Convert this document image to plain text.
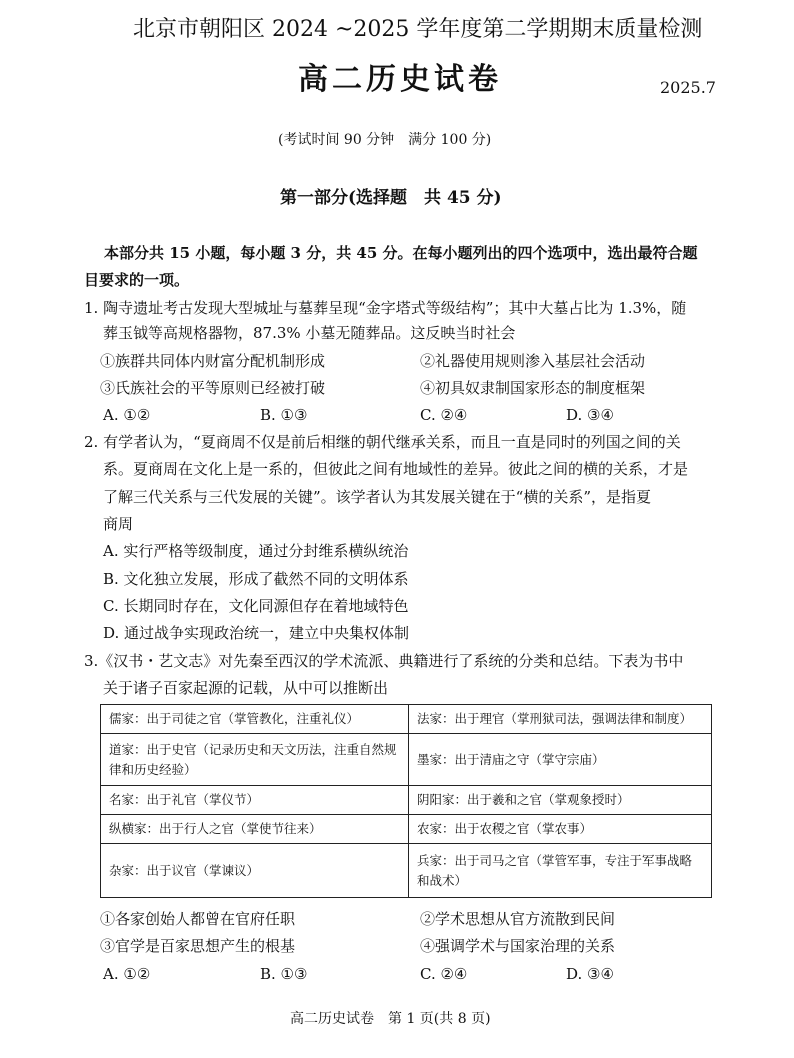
北京市朝阳区 2024 ~2025 学年度第二学期期末质量检测
高二历史试卷	2025.7
(考试时间 90 分钟　满分 100 分)
第一部分(选择题　共 45 分)
本部分共 15 小题，每小题 3 分，共 45 分。在每小题列出的四个选项中，选出最符合题
目要求的一项。
1. 陶寺遗址考古发现大型城址与墓葬呈现“金字塔式等级结构”；其中大墓占比为 1.3%，随
葬玉钺等高规格器物，87.3% 小墓无随葬品。这反映当时社会
①族群共同体内财富分配机制形成	②礼器使用规则渗入基层社会活动
③氏族社会的平等原则已经被打破	④初具奴隶制国家形态的制度框架
A. ①②	B. ①③	C. ②④	D. ③④
2. 有学者认为，“夏商周不仅是前后相继的朝代继承关系，而且一直是同时的列国之间的关
系。夏商周在文化上是一系的，但彼此之间有地域性的差异。彼此之间的横的关系，才是
了解三代关系与三代发展的关键”。该学者认为其发展关键在于“横的关系”，是指夏
商周
A. 实行严格等级制度，通过分封维系横纵统治
B. 文化独立发展，形成了截然不同的文明体系
C. 长期同时存在，文化同源但存在着地域特色
D. 通过战争实现政治统一，建立中央集权体制
3.《汉书・艺文志》对先秦至西汉的学术流派、典籍进行了系统的分类和总结。下表为书中
关于诸子百家起源的记载，从中可以推断出
儒家：出于司徒之官（掌管教化，注重礼仪）	法家：出于理官（掌刑狱司法，强调法律和制度）
道家：出于史官（记录历史和天文历法，注重自然规律和历史经验）	墨家：出于清庙之守（掌守宗庙）
名家：出于礼官（掌仪节）	阴阳家：出于羲和之官（掌观象授时）
纵横家：出于行人之官（掌使节往来）	农家：出于农稷之官（掌农事）
杂家：出于议官（掌谏议）	兵家：出于司马之官（掌管军事，专注于军事战略和战术）
①各家创始人都曾在官府任职	②学术思想从官方流散到民间
③官学是百家思想产生的根基	④强调学术与国家治理的关系
A. ①②	B. ①③	C. ②④	D. ③④
高二历史试卷　第 1 页(共 8 页)
